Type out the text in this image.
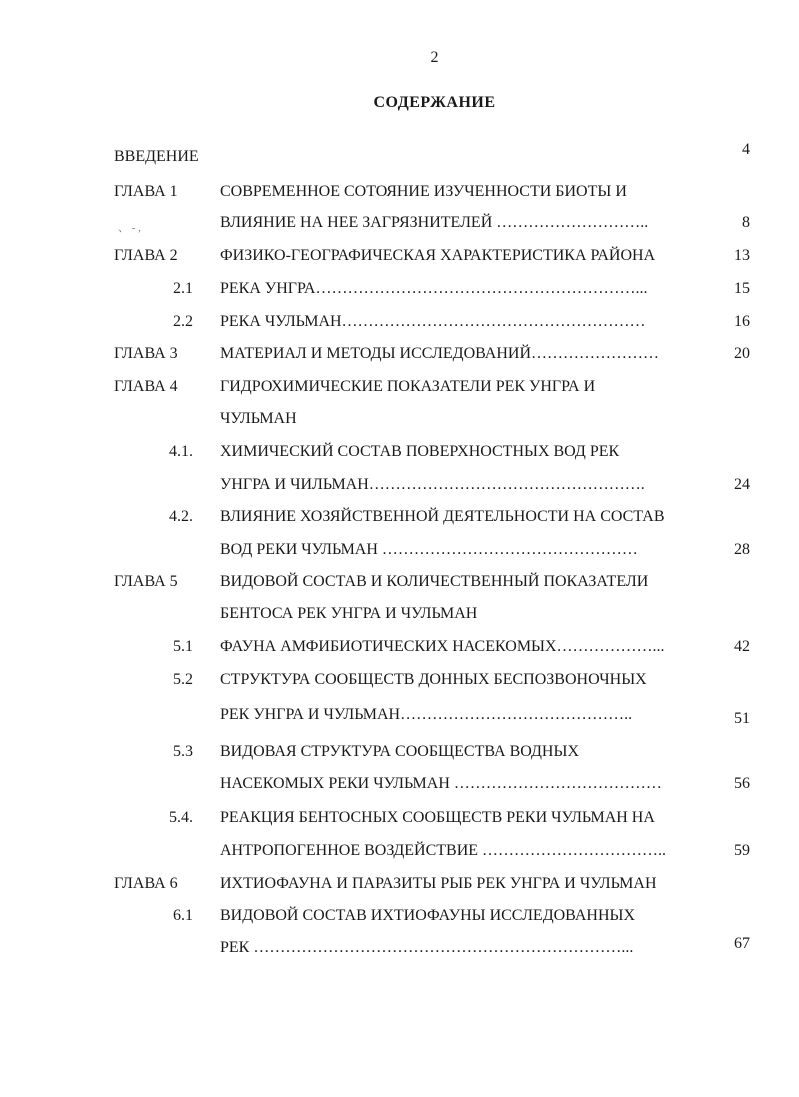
2
СОДЕРЖАНИЕ
、 - ,
ВВЕДЕНИЕ	4
ГЛАВА 1	СОВРЕМЕННОЕ СОТОЯНИЕ ИЗУЧЕННОСТИ БИОТЫ И
ВЛИЯНИЕ НА НЕЕ ЗАГРЯЗНИТЕЛЕЙ ………………………..	8
ГЛАВА 2	ФИЗИКО-ГЕОГРАФИЧЕСКАЯ ХАРАКТЕРИСТИКА РАЙОНА	13
2.1 РЕКА УНГРА……………………………………………………...	15
2.2 РЕКА ЧУЛЬМАН…………………………………………………	16
ГЛАВА 3	МАТЕРИАЛ И МЕТОДЫ ИССЛЕДОВАНИЙ……………………	20
ГЛАВА 4	ГИДРОХИМИЧЕСКИЕ ПОКАЗАТЕЛИ РЕК УНГРА И
ЧУЛЬМАН
4.1. ХИМИЧЕСКИЙ СОСТАВ ПОВЕРХНОСТНЫХ ВОД РЕК
УНГРА И ЧИЛЬМАН…………………………………………….	24
4.2. ВЛИЯНИЕ ХОЗЯЙСТВЕННОЙ ДЕЯТЕЛЬНОСТИ НА СОСТАВ
ВОД РЕКИ ЧУЛЬМАН …………………………………………	28
ГЛАВА 5	ВИДОВОЙ СОСТАВ И КОЛИЧЕСТВЕННЫЙ ПОКАЗАТЕЛИ
БЕНТОСА РЕК УНГРА И ЧУЛЬМАН
5.1 ФАУНА АМФИБИОТИЧЕСКИХ НАСЕКОМЫХ………………...	42
5.2 СТРУКТУРА СООБЩЕСТВ ДОННЫХ БЕСПОЗВОНОЧНЫХ
РЕК УНГРА И ЧУЛЬМАН……………………………………..	51
5.3 ВИДОВАЯ СТРУКТУРА СООБЩЕСТВА ВОДНЫХ
НАСЕКОМЫХ РЕКИ ЧУЛЬМАН …………………………………	56
5.4. РЕАКЦИЯ БЕНТОСНЫХ СООБЩЕСТВ РЕКИ ЧУЛЬМАН НА
АНТРОПОГЕННОЕ ВОЗДЕЙСТВИЕ ……………………………..	59
ГЛАВА 6	ИХТИОФАУНА И ПАРАЗИТЫ РЫБ РЕК УНГРА И ЧУЛЬМАН
6.1 ВИДОВОЙ СОСТАВ ИХТИОФАУНЫ ИССЛЕДОВАННЫХ
РЕК ……………………………………………………………...	67
